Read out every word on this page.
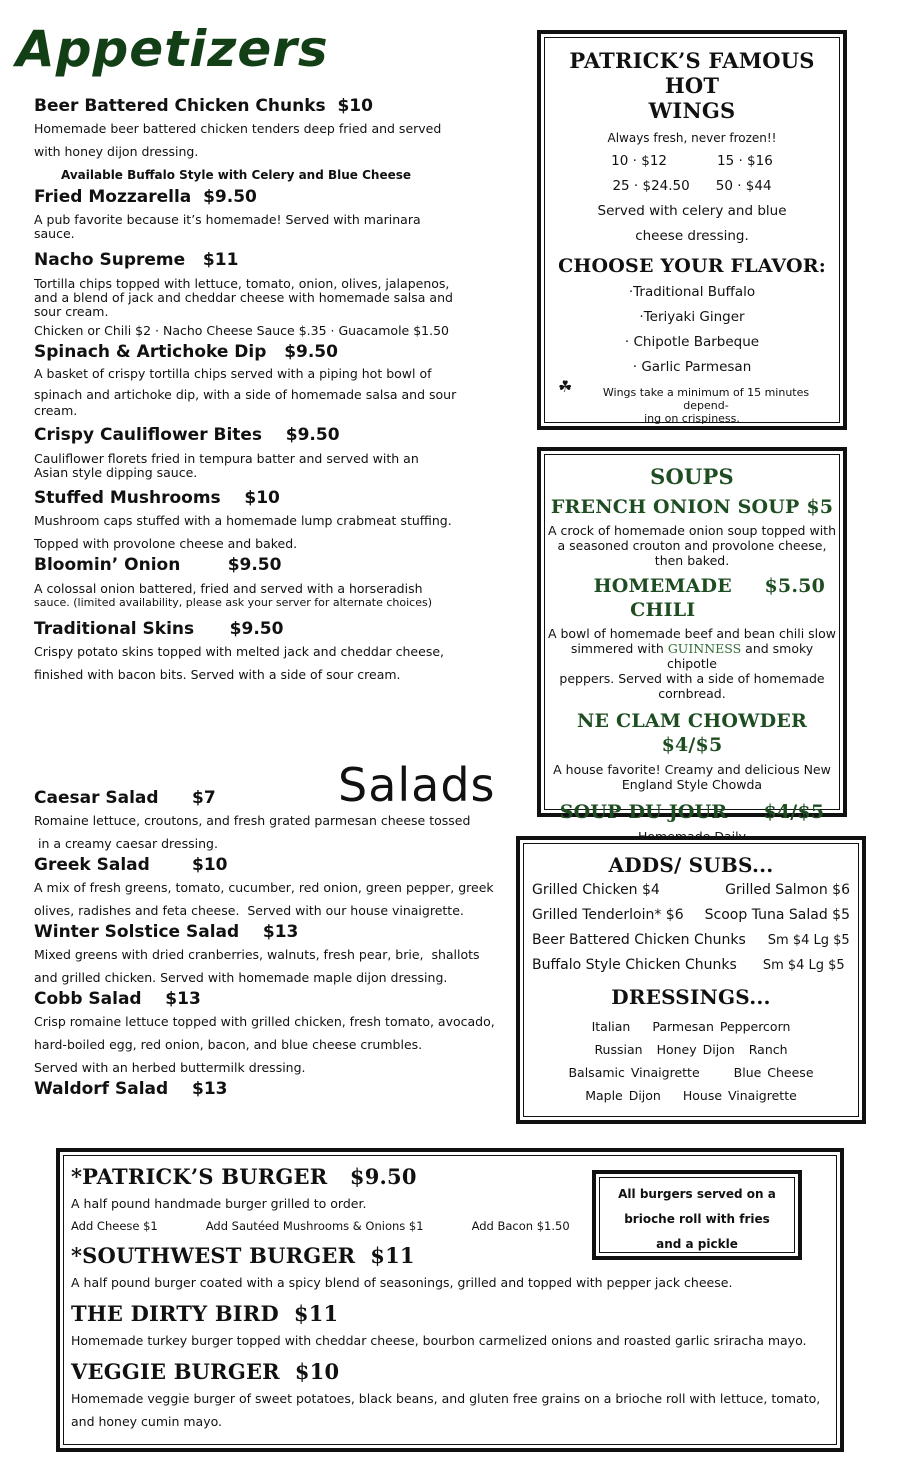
Appetizers
Beer Battered Chicken Chunks $10
Homemade beer battered chicken tenders deep fried and served
with honey dijon dressing.
Available Buffalo Style with Celery and Blue Cheese
Fried Mozzarella $9.50
A pub favorite because it’s homemade! Served with marinara
sauce.
Nacho Supreme $11
Tortilla chips topped with lettuce, tomato, onion, olives, jalapenos,
and a blend of jack and cheddar cheese with homemade salsa and
sour cream.
Chicken or Chili $2 · Nacho Cheese Sauce $.35 · Guacamole $1.50
Spinach & Artichoke Dip $9.50
A basket of crispy tortilla chips served with a piping hot bowl of
spinach and artichoke dip, with a side of homemade salsa and sour
cream.
Crispy Cauliflower Bites $9.50
Cauliflower florets fried in tempura batter and served with an
Asian style dipping sauce.
Stuffed Mushrooms $10
Mushroom caps stuffed with a homemade lump crabmeat stuffing.
Topped with provolone cheese and baked.
Bloomin’ Onion	$9.50
A colossal onion battered, fried and served with a horseradish
sauce. (limited availability, please ask your server for alternate choices)
Traditional Skins $9.50
Crispy potato skins topped with melted jack and cheddar cheese,
finished with bacon bits. Served with a side of sour cream.
Salads
Caesar Salad $7
Romaine lettuce, croutons, and fresh grated parmesan cheese tossed
in a creamy caesar dressing.
Greek Salad $10
A mix of fresh greens, tomato, cucumber, red onion, green pepper, greek
olives, radishes and feta cheese.  Served with our house vinaigrette.
Winter Solstice Salad $13
Mixed greens with dried cranberries, walnuts, fresh pear, brie,  shallots
and grilled chicken. Served with homemade maple dijon dressing.
Cobb Salad $13
Crisp romaine lettuce topped with grilled chicken, fresh tomato, avocado,
hard-boiled egg, red onion, bacon, and blue cheese crumbles.
Served with an herbed buttermilk dressing.
Waldorf Salad $13
PATRICK’S FAMOUS HOT
WINGS
Always fresh, never frozen!!
10 · $12	15 · $16
25 · $24.50 50 · $44
Served with celery and blue
cheese dressing.
CHOOSE YOUR FLAVOR:
·Traditional Buffalo
·Teriyaki Ginger
· Chipotle Barbeque
· Garlic Parmesan
☘	Wings take a minimum of 15 minutes depend-
ing on crispiness.
SOUPS
FRENCH ONION SOUP $5
A crock of homemade onion soup topped with
a seasoned crouton and provolone cheese,
then baked.
HOMEMADE CHILI
$5.50
A bowl of homemade beef and bean chili slow
simmered with GUINNESS and smoky chipotle
peppers. Served with a side of homemade
cornbread.
NE CLAM CHOWDER $4/$5
A house favorite! Creamy and delicious New
England Style Chowda
SOUP DU JOUR $4/$5
ADDS/ SUBS...
Grilled Chicken $4	Grilled Salmon $6
Grilled Tenderloin* $6 Scoop Tuna Salad $5
Beer Battered Chicken Chunks Sm $4 Lg $5
Buffalo Style Chicken Chunks Sm $4 Lg $5
DRESSINGS...
Italian Parmesan Peppercorn
Russian Honey Dijon Ranch
Balsamic Vinaigrette	Blue Cheese
Maple Dijon House Vinaigrette
*PATRICK’S BURGER $9.50
A half pound handmade burger grilled to order.
Add Cheese $1	Add Sautéed Mushrooms & Onions $1	Add Bacon $1.50
*SOUTHWEST BURGER $11
A half pound burger coated with a spicy blend of seasonings, grilled and topped with pepper jack cheese.
THE DIRTY BIRD $11
Homemade turkey burger topped with cheddar cheese, bourbon carmelized onions and roasted garlic sriracha mayo.
VEGGIE BURGER $10
Homemade veggie burger of sweet potatoes, black beans, and gluten free grains on a brioche roll with lettuce, tomato,
and honey cumin mayo.
All burgers served on a
brioche roll with fries
and a pickle
